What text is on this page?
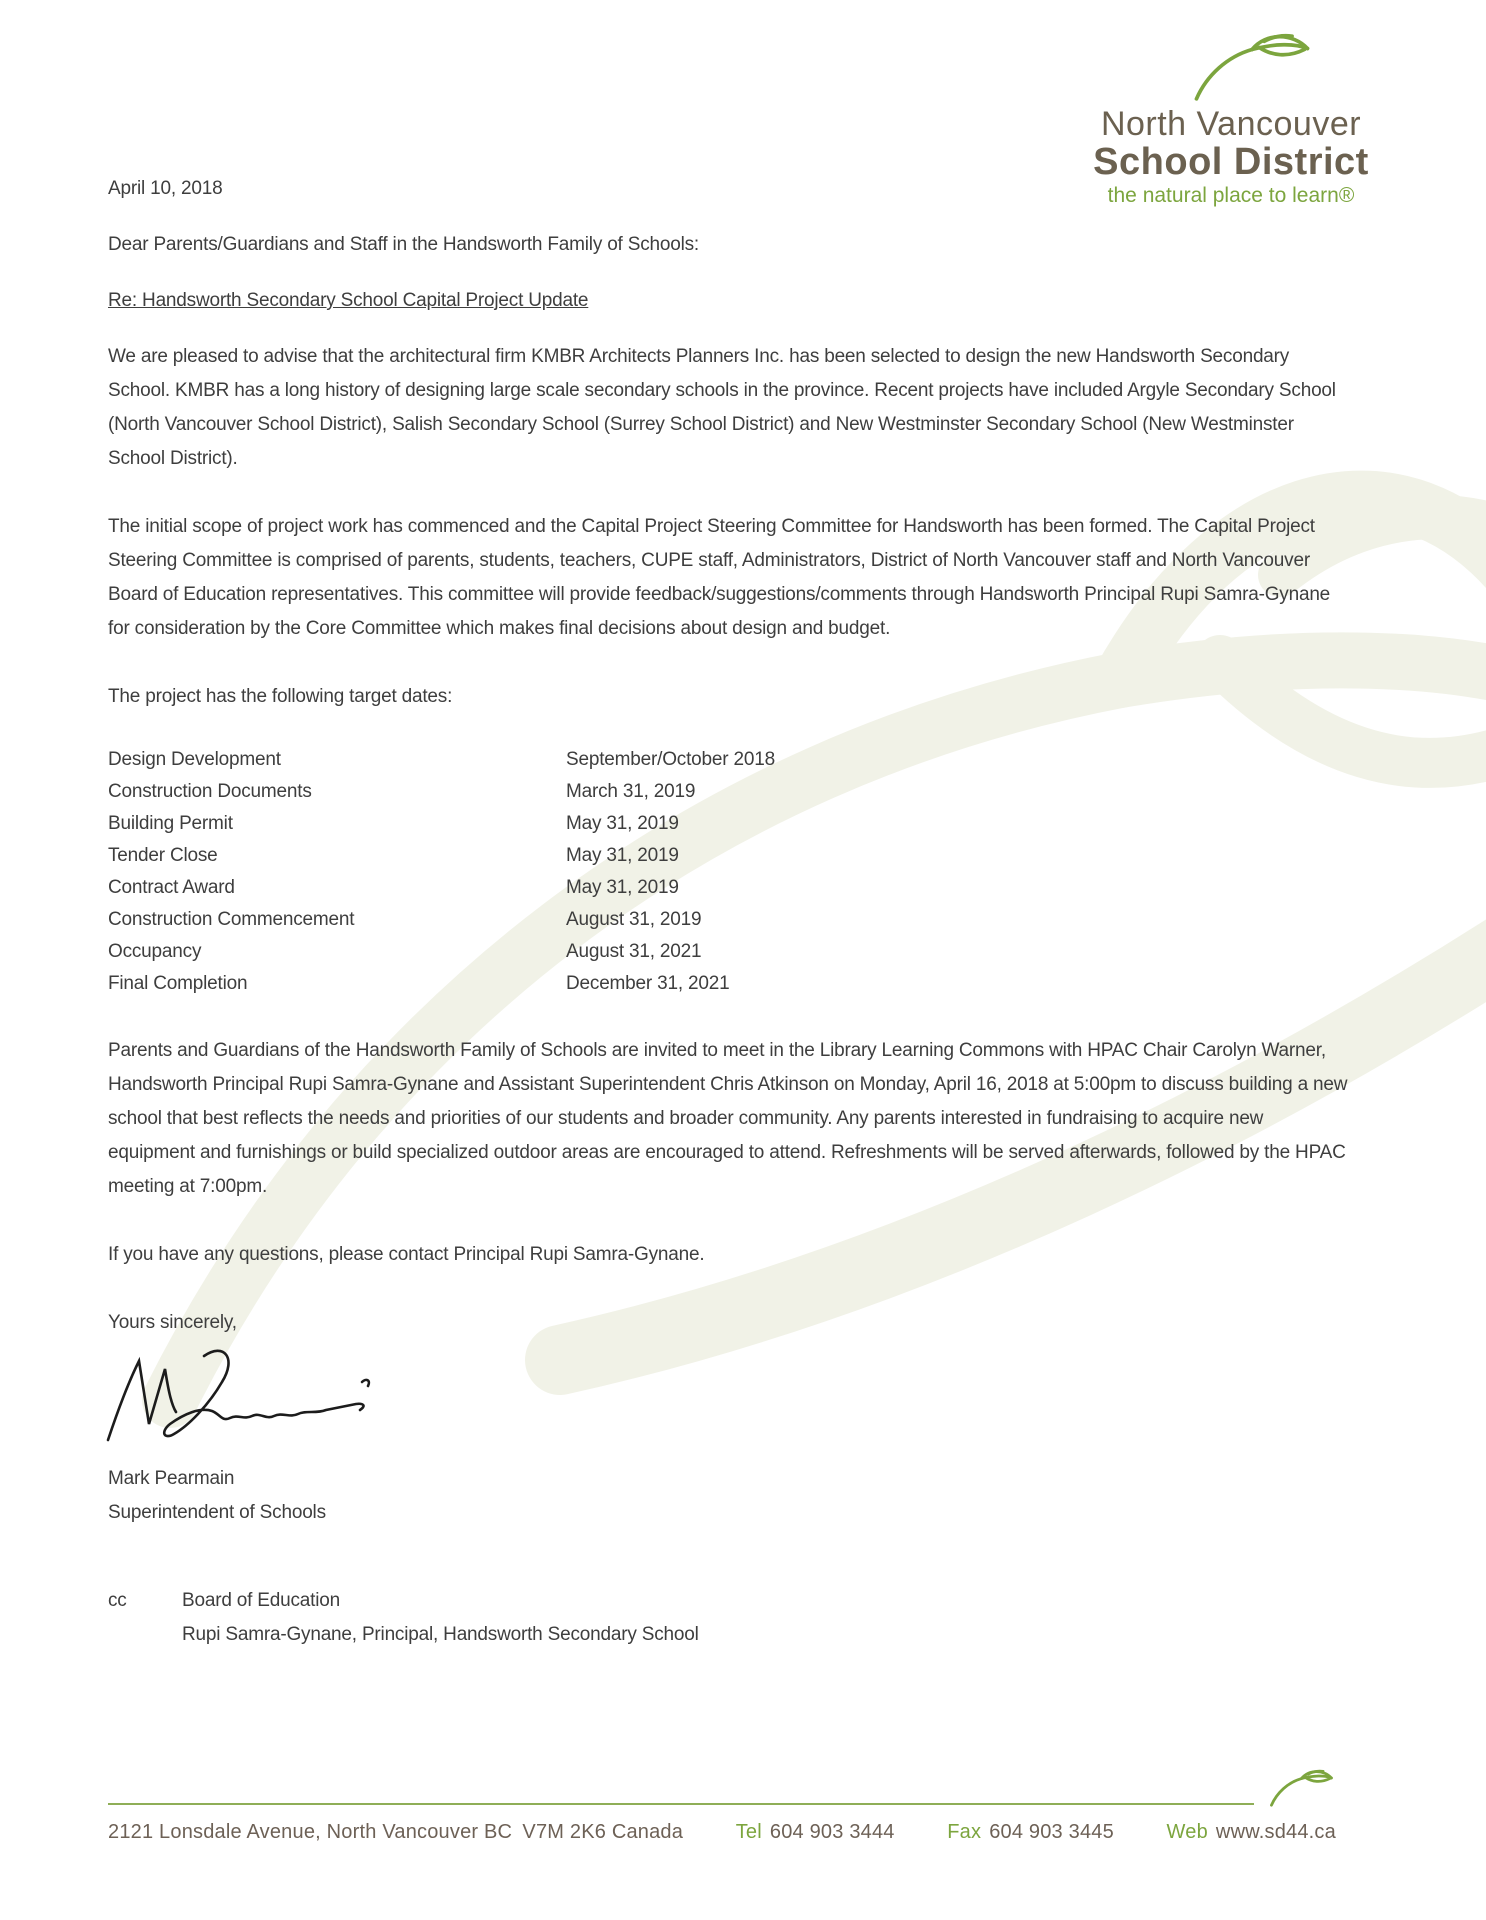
North Vancouver
School District
the natural place to learn®
April 10, 2018
Dear Parents/Guardians and Staff in the Handsworth Family of Schools:
Re: Handsworth Secondary School Capital Project Update

We are pleased to advise that the architectural firm KMBR Architects Planners Inc. has been selected to design the new Handsworth Secondary School. KMBR has a long history of designing large scale secondary schools in the province. Recent projects have included Argyle Secondary School (North Vancouver School District), Salish Secondary School (Surrey School District) and New Westminster Secondary School (New Westminster School District).

The initial scope of project work has commenced and the Capital Project Steering Committee for Handsworth has been formed. The Capital Project Steering Committee is comprised of parents, students, teachers, CUPE staff, Administrators, District of North Vancouver staff and North Vancouver Board of Education representatives. This committee will provide feedback/suggestions/comments through Handsworth Principal Rupi Samra-Gynane for consideration by the Core Committee which makes final decisions about design and budget.

The project has the following target dates:
Design Development	September/October 2018
Construction Documents	March 31, 2019
Building Permit	May 31, 2019
Tender Close	May 31, 2019
Contract Award	May 31, 2019
Construction Commencement	August 31, 2019
Occupancy	August 31, 2021
Final Completion	December 31, 2021

Parents and Guardians of the Handsworth Family of Schools are invited to meet in the Library Learning Commons with HPAC Chair Carolyn Warner, Handsworth Principal Rupi Samra-Gynane and Assistant Superintendent Chris Atkinson on Monday, April 16, 2018 at 5:00pm to discuss building a new school that best reflects the needs and priorities of our students and broader community. Any parents interested in fundraising to acquire new equipment and furnishings or build specialized outdoor areas are encouraged to attend. Refreshments will be served afterwards, followed by the HPAC meeting at 7:00pm.

If you have any questions, please contact Principal Rupi Samra-Gynane.

Yours sincerely,
Mark Pearmain
Superintendent of Schools
cc	Board of Education
Rupi Samra-Gynane, Principal, Handsworth Secondary School
2121 Lonsdale Avenue, North Vancouver BC V7M 2K6 Canada	Tel 604 903 3444	Fax 604 903 3445	Web www.sd44.ca
